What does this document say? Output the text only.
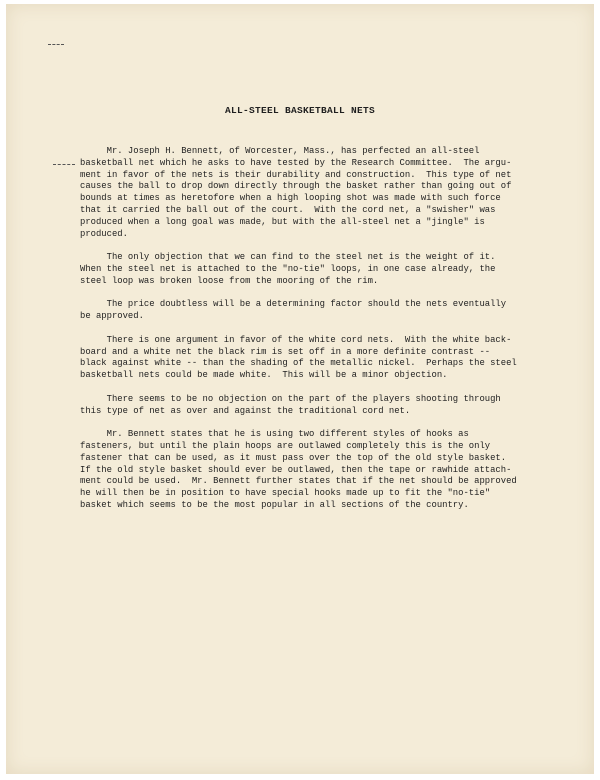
ALL-STEEL BASKETBALL NETS

Mr. Joseph H. Bennett, of Worcester, Mass., has perfected an all-steel
basketball net which he asks to have tested by the Research Committee.  The argu-
ment in favor of the nets is their durability and construction.  This type of net
causes the ball to drop down directly through the basket rather than going out of
bounds at times as heretofore when a high looping shot was made with such force
that it carried the ball out of the court.  With the cord net, a "swisher" was
produced when a long goal was made, but with the all-steel net a "jingle" is
produced.

The only objection that we can find to the steel net is the weight of it.
When the steel net is attached to the "no-tie" loops, in one case already, the
steel loop was broken loose from the mooring of the rim.

The price doubtless will be a determining factor should the nets eventually
be approved.

There is one argument in favor of the white cord nets.  With the white back-
board and a white net the black rim is set off in a more definite contrast --
black against white -- than the shading of the metallic nickel.  Perhaps the steel
basketball nets could be made white.  This will be a minor objection.

There seems to be no objection on the part of the players shooting through
this type of net as over and against the traditional cord net.

Mr. Bennett states that he is using two different styles of hooks as
fasteners, but until the plain hoops are outlawed completely this is the only
fastener that can be used, as it must pass over the top of the old style basket.
If the old style basket should ever be outlawed, then the tape or rawhide attach-
ment could be used.  Mr. Bennett further states that if the net should be approved
he will then be in position to have special hooks made up to fit the "no-tie"
basket which seems to be the most popular in all sections of the country.
